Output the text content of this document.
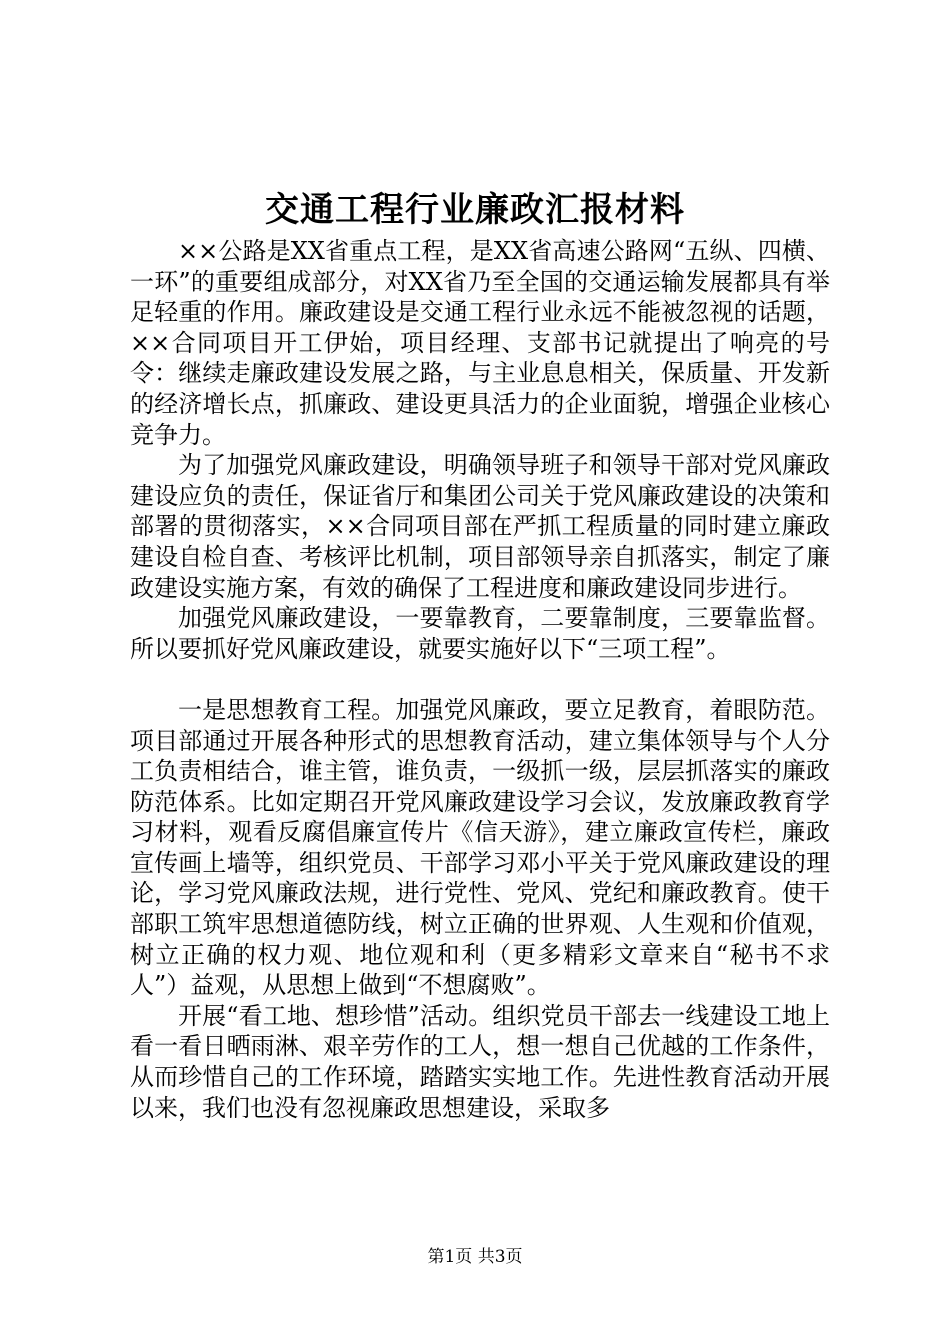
交通工程行业廉政汇报材料

××公路是XX省重点工程，是XX省高速公路网“五纵、四横、一环”的重要组成部分，对XX省乃至全国的交通运输发展都具有举足轻重的作用。廉政建设是交通工程行业永远不能被忽视的话题，××合同项目开工伊始，项目经理、支部书记就提出了响亮的号令：继续走廉政建设发展之路，与主业息息相关，保质量、开发新的经济增长点，抓廉政、建设更具活力的企业面貌，增强企业核心竞争力。

为了加强党风廉政建设，明确领导班子和领导干部对党风廉政建设应负的责任，保证省厅和集团公司关于党风廉政建设的决策和部署的贯彻落实，××合同项目部在严抓工程质量的同时建立廉政建设自检自查、考核评比机制，项目部领导亲自抓落实，制定了廉政建设实施方案，有效的确保了工程进度和廉政建设同步进行。

加强党风廉政建设，一要靠教育，二要靠制度，三要靠监督。所以要抓好党风廉政建设，就要实施好以下“三项工程”。

一是思想教育工程。加强党风廉政，要立足教育，着眼防范。项目部通过开展各种形式的思想教育活动，建立集体领导与个人分工负责相结合，谁主管，谁负责，一级抓一级，层层抓落实的廉政防范体系。比如定期召开党风廉政建设学习会议，发放廉政教育学习材料，观看反腐倡廉宣传片《信天游》，建立廉政宣传栏，廉政宣传画上墙等，组织党员、干部学习邓小平关于党风廉政建设的理论，学习党风廉政法规，进行党性、党风、党纪和廉政教育。使干部职工筑牢思想道德防线，树立正确的世界观、人生观和价值观，树立正确的权力观、地位观和利（更多精彩文章来自“秘书不求人”）益观，从思想上做到“不想腐败”。

开展“看工地、想珍惜”活动。组织党员干部去一线建设工地上看一看日晒雨淋、艰辛劳作的工人，想一想自己优越的工作条件，从而珍惜自己的工作环境，踏踏实实地工作。先进性教育活动开展以来，我们也没有忽视廉政思想建设，采取多

第1页 共3页
